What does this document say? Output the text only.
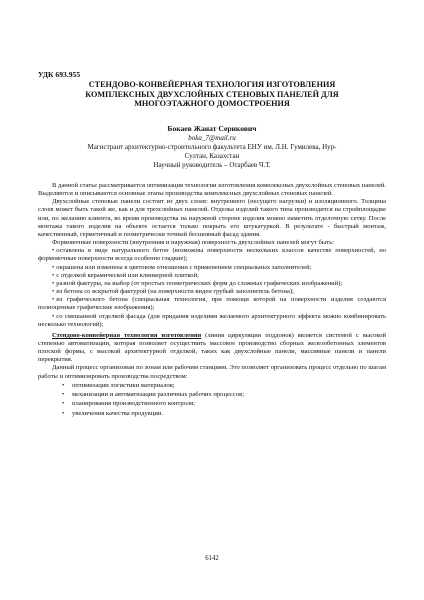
УДК 693.955
СТЕНДОВО-КОНВЕЙЕРНАЯ ТЕХНОЛОГИЯ ИЗГОТОВЛЕНИЯ
КОМПЛЕКСНЫХ ДВУХСЛОЙНЫХ СТЕНОВЫХ ПАНЕЛЕЙ ДЛЯ
МНОГОЭТАЖНОГО ДОМОСТРОЕНИЯ
Бокаев Жанат Серикович
boka_7@mail.ru
Магистрант архитектурно-строительного факультета ЕНУ им. Л.Н. Гумилева, Нур-
Султан, Казахстан
Научный руководитель – Отарбаев Ч.Т.

В данной статье рассматривается оптимизация технологии изготовления комплексных двухслойных стеновых панелей. Выделяются и описываются основные этапы производства комплексных двухслойных стеновых панелей.

Двухслойные стеновые панели состоят из двух слоев: внутреннего (несущего нагрузки) и изоляционного. Толщина слоев может быть такой же, как и для трехслойных панелей. Отделка изделий такого типа производится на стройплощадке или, по желанию клиента, во время производства на наружной стороне изделия можно наметить отделочную сетку. После монтажа такого изделия на объекте остается только покрыть его штукатуркой. В результате - быстрый монтаж, качественный, герметичный и геометрически точный бесшовный фасад здания.

Формовочные поверхности (внутренняя и наружная) поверхность двухслойных панелей могут быть:

• оставлена в виде натурального бетон (возможны поверхности нескольких классов качестве поверхностей, но формовочные поверхности всегда особенно гладкие);
• окрашена или изменена в цветовом отношении с применением специальных заполнителей;
• с отделкой керамической или клинкерной плиткой;
• разной фактуры, на выбор (от простых геометрических форм до сложных графических изображений);
• из бетона со вскрытой фактурой (на поверхности виден грубый заполнитель бетона);
• из графического бетона (специальная технология, при помощи которой на поверхности изделия создаются полноценные графические изображения);
• со смешанной отделкой фасада (для придания изделиям желаемого архитектурного эффекта можно комбинировать несколько технологий);

Стендово-конвейерная технология изготовления (линия циркуляции поддонов) является системой с высокой степенью автоматизации, которая позволяет осуществить массовое производство сборных железобетонных элементов плоской формы, с высокой архитектурной отделкой, таких как двухслойные панели, массивные панели и панели перекрытия.

Данный процесс организован по зонам или рабочим станциям. Это позволяет организовать процесс отдельно по шагам работы и оптимизировать производства посредством:

• оптимизации логистики материалов;
• механизации и автоматизации различных рабочих процессов;
• планирования производственного контроля;
• увеличения качества продукции.
6142
